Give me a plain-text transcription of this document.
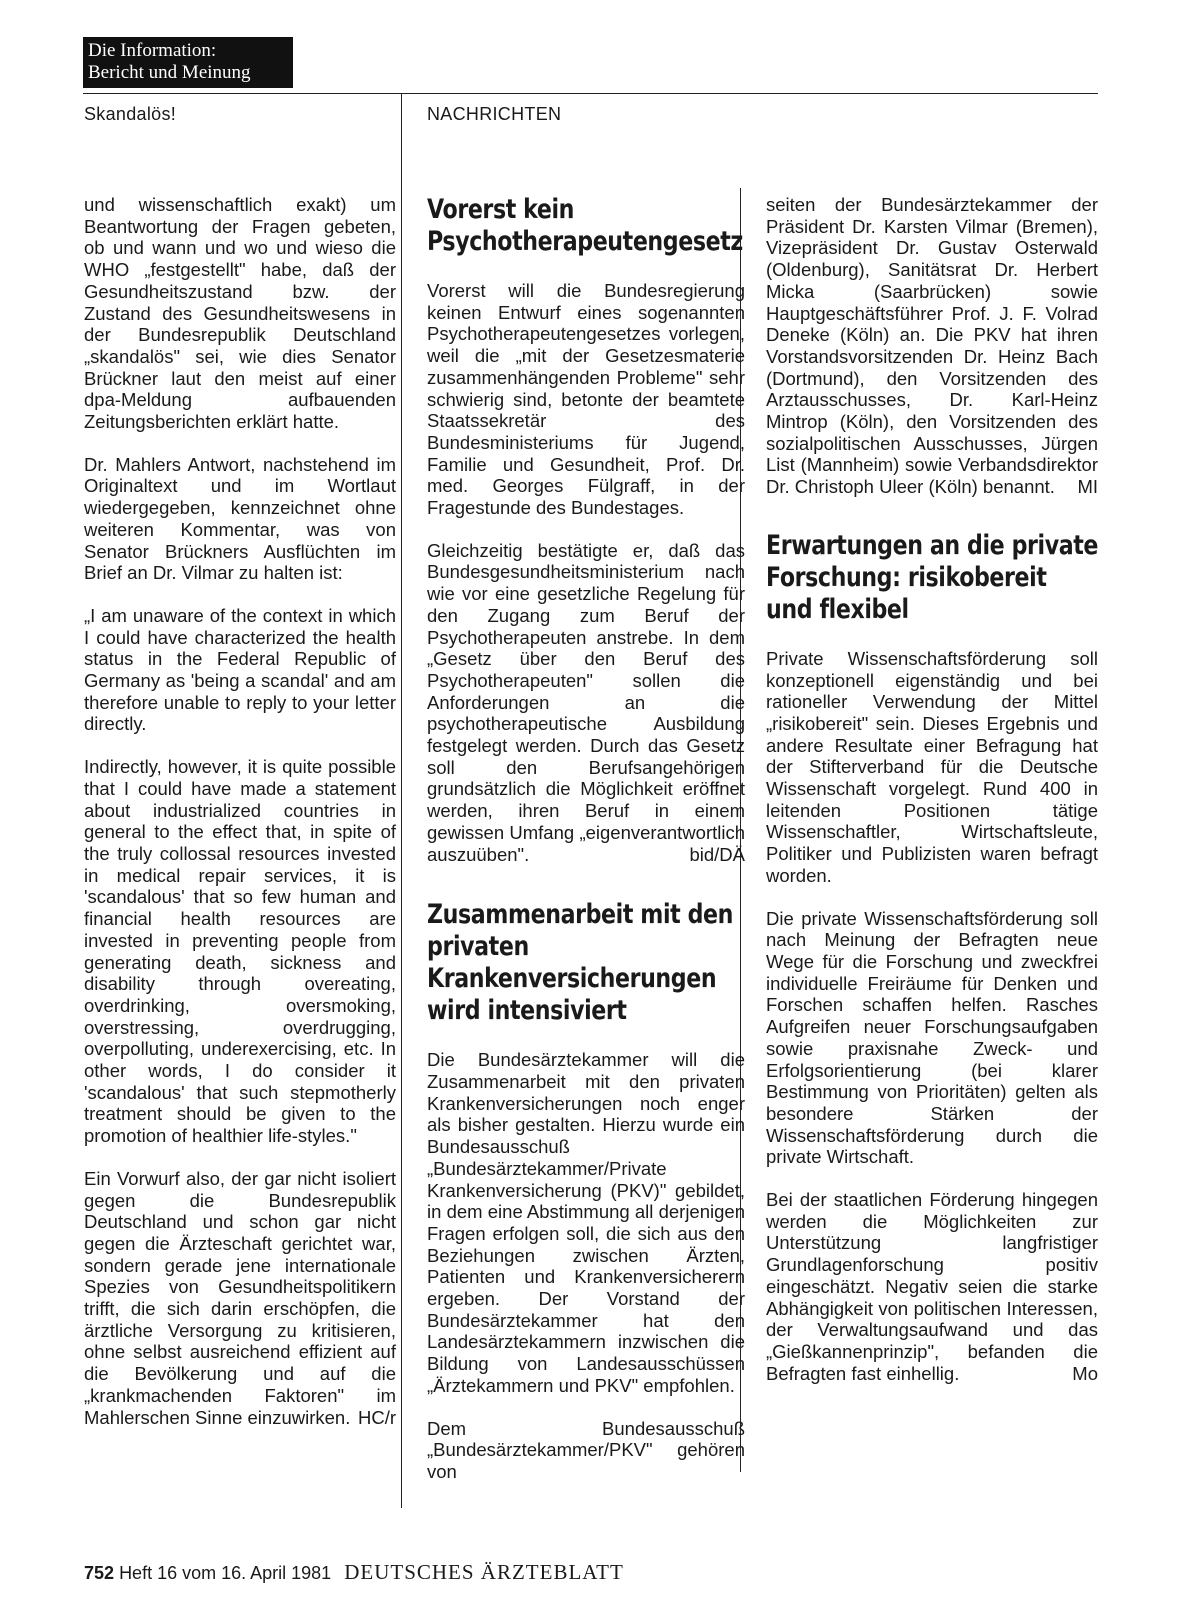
Die Information:
Bericht und Meinung
Skandalös!	NACHRICHTEN

und wissenschaftlich exakt) um Beantwortung der Fragen gebeten, ob und wann und wo und wieso die WHO „festgestellt" habe, daß der Gesundheitszustand bzw. der Zustand des Gesundheitswesens in der Bundesrepublik Deutschland „skandalös" sei, wie dies Senator Brückner laut den meist auf einer dpa-Meldung aufbauenden Zeitungsberichten erklärt hatte.

Dr. Mahlers Antwort, nachstehend im Originaltext und im Wortlaut wiedergegeben, kennzeichnet ohne weiteren Kommentar, was von Senator Brückners Ausflüchten im Brief an Dr. Vilmar zu halten ist:

„I am unaware of the context in which I could have characterized the health status in the Federal Republic of Germany as 'being a scandal' and am therefore unable to reply to your letter directly.

Indirectly, however, it is quite possible that I could have made a statement about industrialized countries in general to the effect that, in spite of the truly collossal resources invested in medical repair services, it is 'scandalous' that so few human and financial health resources are invested in preventing people from generating death, sickness and disability through overeating, overdrinking, oversmoking, overstressing, overdrugging, overpolluting, underexercising, etc. In other words, I do consider it 'scandalous' that such stepmotherly treatment should be given to the promotion of healthier life-styles."

Ein Vorwurf also, der gar nicht isoliert gegen die Bundesrepublik Deutschland und schon gar nicht gegen die Ärzteschaft gerichtet war, sondern gerade jene internationale Spezies von Gesundheitspolitikern trifft, die sich darin erschöpfen, die ärztliche Versorgung zu kritisieren, ohne selbst ausreichend effizient auf die Bevölkerung und auf die „krankmachenden Faktoren" im Mahlerschen Sinne einzuwirken. HC/r

Vorerst kein Psychotherapeutengesetz

Vorerst will die Bundesregierung keinen Entwurf eines sogenannten Psychotherapeutengesetzes vorlegen, weil die „mit der Gesetzesmaterie zusammenhängenden Probleme" sehr schwierig sind, betonte der beamtete Staatssekretär des Bundesministeriums für Jugend, Familie und Gesundheit, Prof. Dr. med. Georges Fülgraff, in der Fragestunde des Bundestages.

Gleichzeitig bestätigte er, daß das Bundesgesundheitsministerium nach wie vor eine gesetzliche Regelung für den Zugang zum Beruf der Psychotherapeuten anstrebe. In dem „Gesetz über den Beruf des Psychotherapeuten" sollen die Anforderungen an die psychotherapeutische Ausbildung festgelegt werden. Durch das Gesetz soll den Berufsangehörigen grundsätzlich die Möglichkeit eröffnet werden, ihren Beruf in einem gewissen Umfang „eigenverantwortlich auszuüben".	bid/DÄ

Zusammenarbeit mit den privaten Krankenversicherungen wird intensiviert

Die Bundesärztekammer will die Zusammenarbeit mit den privaten Krankenversicherungen noch enger als bisher gestalten. Hierzu wurde ein Bundesausschuß „Bundesärztekammer/Private Krankenversicherung (PKV)" gebildet, in dem eine Abstimmung all derjenigen Fragen erfolgen soll, die sich aus den Beziehungen zwischen Ärzten, Patienten und Krankenversicherern ergeben. Der Vorstand der Bundesärztekammer hat den Landesärztekammern inzwischen die Bildung von Landesausschüssen „Ärztekammern und PKV" empfohlen.

Dem Bundesausschuß „Bundesärztekammer/PKV" gehören von

seiten der Bundesärztekammer der Präsident Dr. Karsten Vilmar (Bremen), Vizepräsident Dr. Gustav Osterwald (Oldenburg), Sanitätsrat Dr. Herbert Micka (Saarbrücken) sowie Hauptgeschäftsführer Prof. J. F. Volrad Deneke (Köln) an. Die PKV hat ihren Vorstandsvorsitzenden Dr. Heinz Bach (Dortmund), den Vorsitzenden des Arztausschusses, Dr. Karl-Heinz Mintrop (Köln), den Vorsitzenden des sozialpolitischen Ausschusses, Jürgen List (Mannheim) sowie Verbandsdirektor Dr. Christoph Uleer (Köln) benannt. MI

Erwartungen an die private Forschung: risikobereit und flexibel

Private Wissenschaftsförderung soll konzeptionell eigenständig und bei rationeller Verwendung der Mittel „risikobereit" sein. Dieses Ergebnis und andere Resultate einer Befragung hat der Stifterverband für die Deutsche Wissenschaft vorgelegt. Rund 400 in leitenden Positionen tätige Wissenschaftler, Wirtschaftsleute, Politiker und Publizisten waren befragt worden.

Die private Wissenschaftsförderung soll nach Meinung der Befragten neue Wege für die Forschung und zweckfrei individuelle Freiräume für Denken und Forschen schaffen helfen. Rasches Aufgreifen neuer Forschungsaufgaben sowie praxisnahe Zweck- und Erfolgsorientierung (bei klarer Bestimmung von Prioritäten) gelten als besondere Stärken der Wissenschaftsförderung durch die private Wirtschaft.

Bei der staatlichen Förderung hingegen werden die Möglichkeiten zur Unterstützung langfristiger Grundlagenforschung positiv eingeschätzt. Negativ seien die starke Abhängigkeit von politischen Interessen, der Verwaltungsaufwand und das „Gießkannenprinzip", befanden die Befragten fast einhellig.	Mo

752 Heft 16 vom 16. April 1981 DEUTSCHES ÄRZTEBLATT
